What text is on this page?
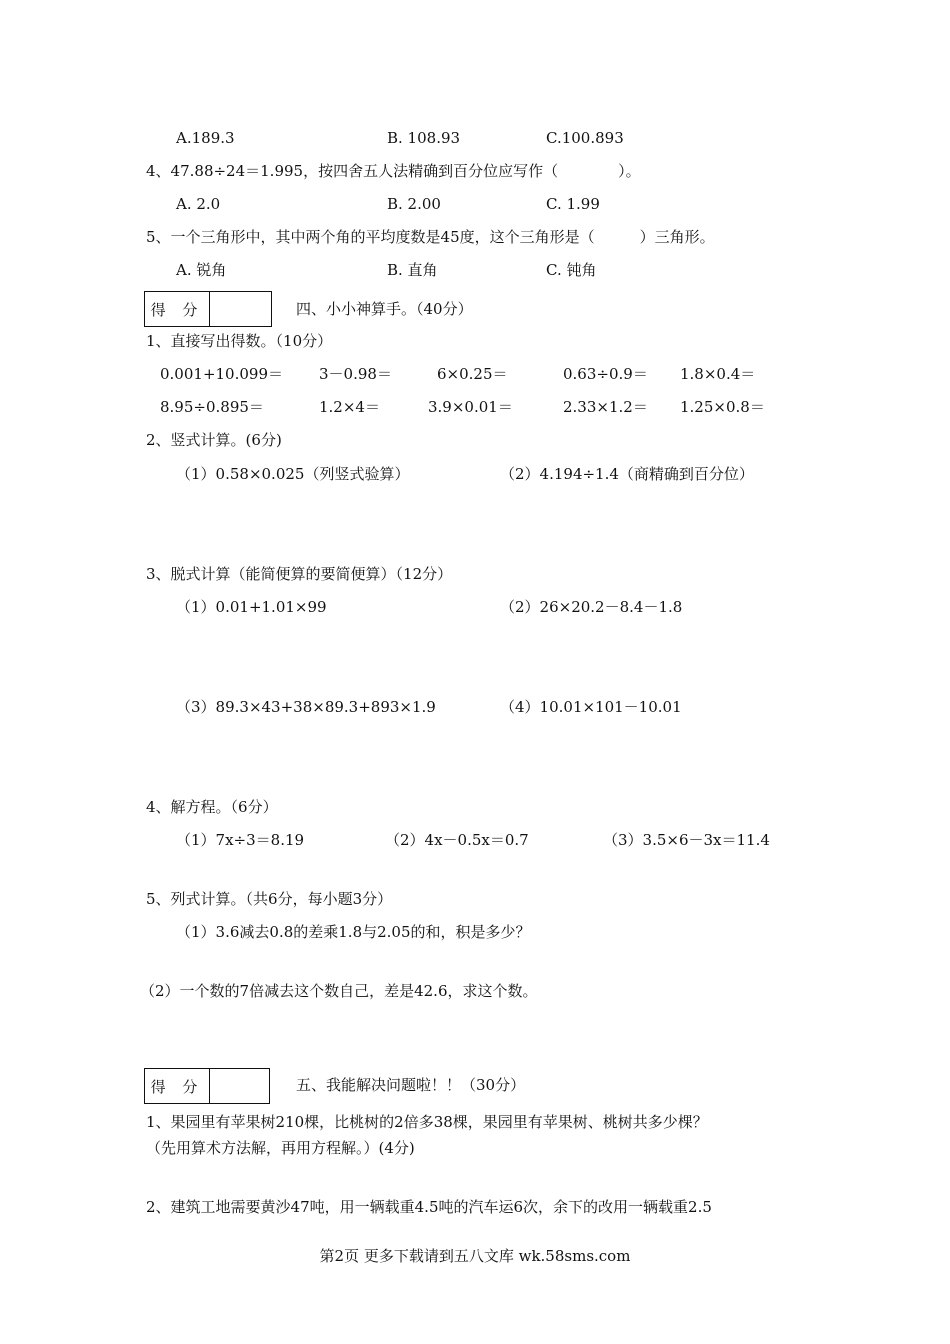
A.189.3	B. 108.93	C.100.893
4、47.88÷24＝1.995，按四舍五人法精确到百分位应写作（　　　　）。
A. 2.0	B. 2.00	C. 1.99
5、一个三角形中，其中两个角的平均度数是45度，这个三角形是（　　　）三角形。
A. 锐角	B. 直角	C. 钝角
得 分	四、小小神算手。（40分）
1、直接写出得数。（10分）
0.001+10.099＝ 3－0.98＝	6×0.25＝	0.63÷0.9＝ 1.8×0.4＝
8.95÷0.895＝	1.2×4＝	3.9×0.01＝	2.33×1.2＝ 1.25×0.8＝
2、竖式计算。(6分)
（1）0.58×0.025（列竖式验算）	（2）4.194÷1.4（商精确到百分位）
3、脱式计算（能简便算的要简便算）（12分）
（1）0.01+1.01×99	（2）26×20.2－8.4－1.8
（3）89.3×43+38×89.3+893×1.9	（4）10.01×101－10.01
4、解方程。（6分）
（1）7x÷3＝8.19	（2）4x－0.5x＝0.7	（3）3.5×6－3x＝11.4
5、列式计算。（共6分，每小题3分）
（1）3.6减去0.8的差乘1.8与2.05的和，积是多少？
（2）一个数的7倍减去这个数自己，差是42.6，求这个数。
得 分	五、我能解决问题啦！！（30分）
1、果园里有苹果树210棵，比桃树的2倍多38棵，果园里有苹果树、桃树共多少棵？
（先用算术方法解，再用方程解。）(4分)
2、建筑工地需要黄沙47吨，用一辆载重4.5吨的汽车运6次，余下的改用一辆载重2.5
第2页 更多下载请到五八文库 wk.58sms.com
